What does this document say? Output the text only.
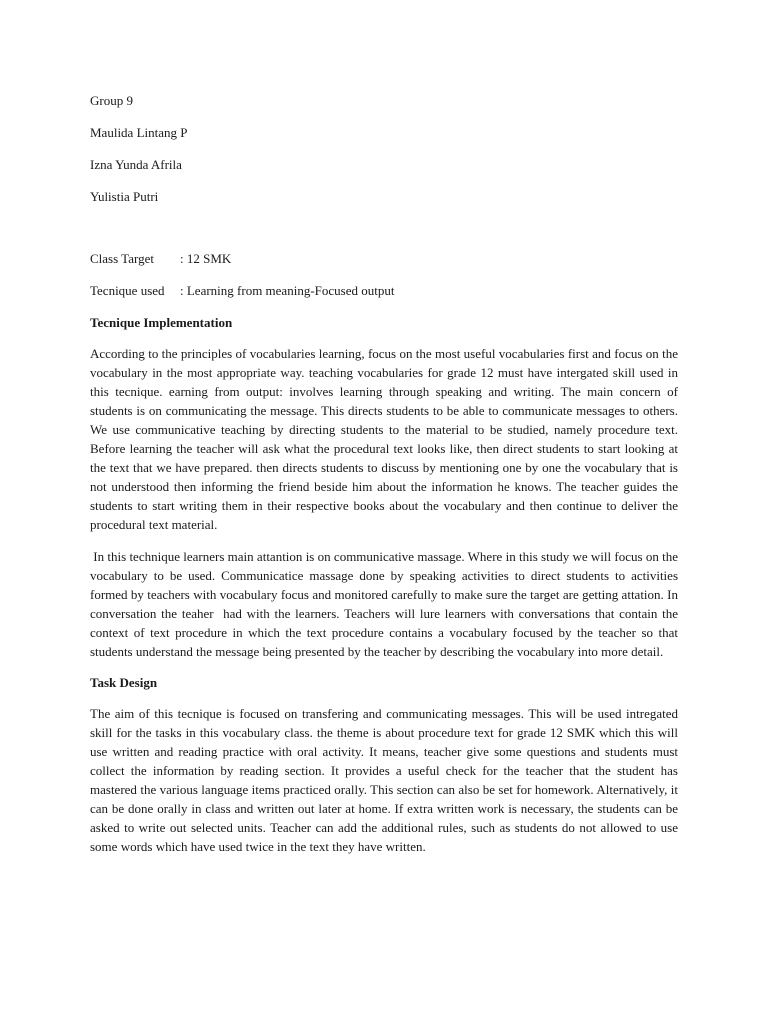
Group 9

Maulida Lintang P

Izna Yunda Afrila

Yulistia Putri

Class Target	: 12 SMK
Tecnique used	: Learning from meaning-Focused output
Tecnique Implementation

According to the principles of vocabularies learning, focus on the most useful vocabularies first and focus on the vocabulary in the most appropriate way. teaching vocabularies for grade 12 must have intergated skill used in this tecnique. earning from output: involves learning through speaking and writing. The main concern of students is on communicating the message. This directs students to be able to communicate messages to others. We use communicative teaching by directing students to the material to be studied, namely procedure text. Before learning the teacher will ask what the procedural text looks like, then direct students to start looking at the text that we have prepared. then directs students to discuss by mentioning one by one the vocabulary that is not understood then informing the friend beside him about the information he knows. The teacher guides the students to start writing them in their respective books about the vocabulary and then continue to deliver the procedural text material.

In this technique learners main attantion is on communicative massage. Where in this study we will focus on the vocabulary to be used. Communicatice massage done by speaking activities to direct students to activities formed by teachers with vocabulary focus and monitored carefully to make sure the target are getting attation. In conversation the teaher  had with the learners. Teachers will lure learners with conversations that contain the context of text procedure in which the text procedure contains a vocabulary focused by the teacher so that students understand the message being presented by the teacher by describing the vocabulary into more detail.

Task Design

The aim of this tecnique is focused on transfering and communicating messages. This will be used intregated skill for the tasks in this vocabulary class. the theme is about procedure text for grade 12 SMK which this will use written and reading practice with oral activity. It means, teacher give some questions and students must collect the information by reading section. It provides a useful check for the teacher that the student has mastered the various language items practiced orally. This section can also be set for homework. Alternatively, it can be done orally in class and written out later at home. If extra written work is necessary, the students can be asked to write out selected units. Teacher can add the additional rules, such as students do not allowed to use some words which have used twice in the text they have written.
